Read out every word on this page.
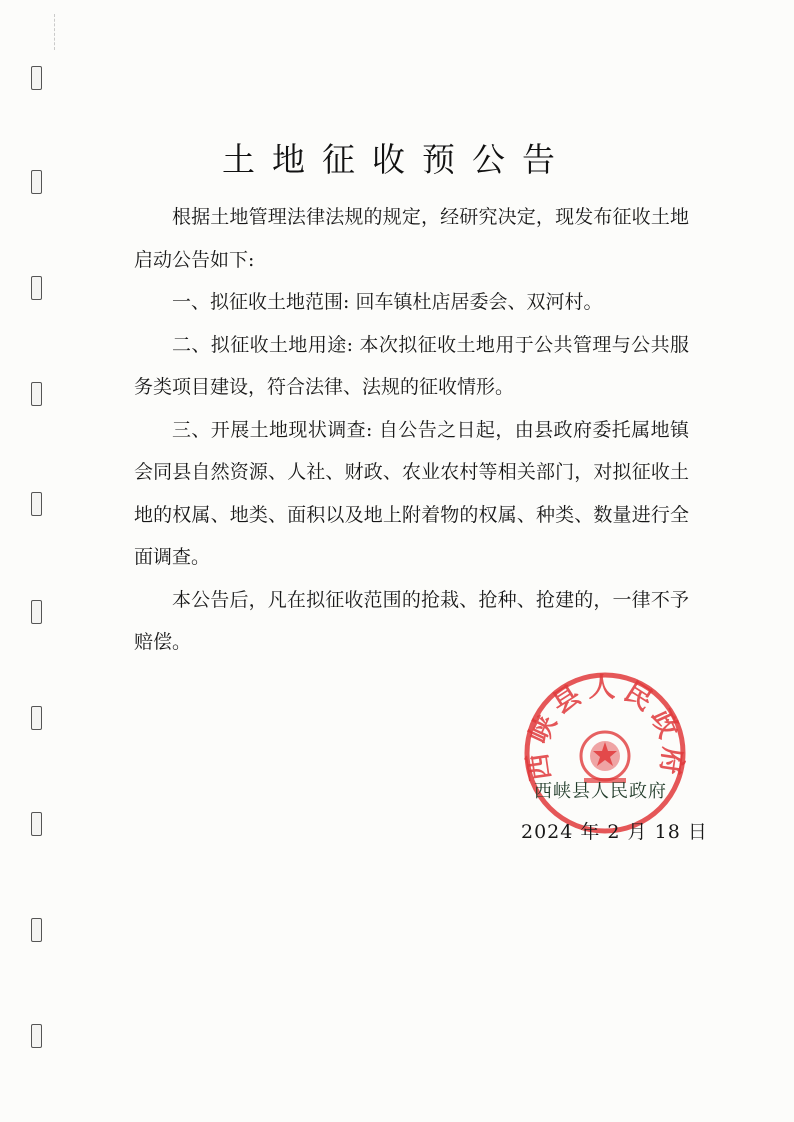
土地征收预公告

根据土地管理法律法规的规定，经研究决定，现发布征收土地启动公告如下:

一、拟征收土地范围: 回车镇杜店居委会、双河村。

二、拟征收土地用途: 本次拟征收土地用于公共管理与公共服务类项目建设，符合法律、法规的征收情形。

三、开展土地现状调查: 自公告之日起，由县政府委托属地镇会同县自然资源、人社、财政、农业农村等相关部门，对拟征收土地的权属、地类、面积以及地上附着物的权属、种类、数量进行全面调查。

本公告后，凡在拟征收范围的抢栽、抢种、抢建的，一律不予赔偿。

西峡县人民政府
西峡县人民政府
2024 年 2 月 18 日
